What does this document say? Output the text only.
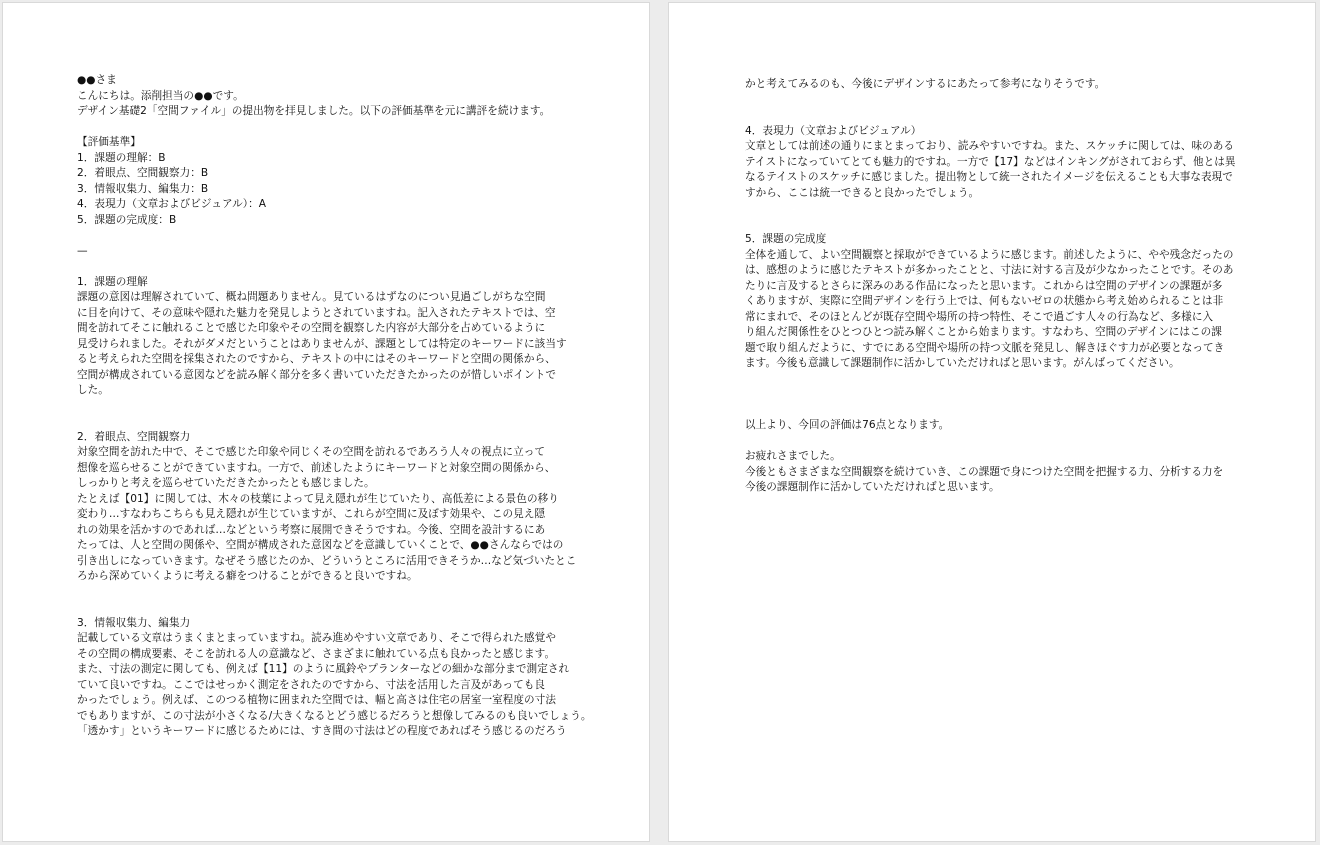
●●さま
こんにちは。添削担当の●●です。
デザイン基礎2「空間ファイル」の提出物を拝見しました。以下の評価基準を元に講評を続けます。
【評価基準】
1．課題の理解：B
2．着眼点、空間観察力：B
3．情報収集力、編集力：B
4．表現力（文章およびビジュアル）：A
5．課題の完成度：B
—
1．課題の理解
課題の意図は理解されていて、概ね問題ありません。見ているはずなのについ見過ごしがちな空間
に目を向けて、その意味や隠れた魅力を発見しようとされていますね。記入されたテキストでは、空
間を訪れてそこに触れることで感じた印象やその空間を観察した内容が大部分を占めているように
見受けられました。それがダメだということはありませんが、課題としては特定のキーワードに該当す
ると考えられた空間を採集されたのですから、テキストの中にはそのキーワードと空間の関係から、
空間が構成されている意図などを読み解く部分を多く書いていただきたかったのが惜しいポイントで
した。
2．着眼点、空間観察力
対象空間を訪れた中で、そこで感じた印象や同じくその空間を訪れるであろう人々の視点に立って
想像を巡らせることができていますね。一方で、前述したようにキーワードと対象空間の関係から、
しっかりと考えを巡らせていただきたかったとも感じました。
たとえば【01】に関しては、木々の枝葉によって見え隠れが生じていたり、高低差による景色の移り
変わり…すなわちこちらも見え隠れが生じていますが、これらが空間に及ぼす効果や、この見え隠
れの効果を活かすのであれば…などという考察に展開できそうですね。今後、空間を設計するにあ
たっては、人と空間の関係や、空間が構成された意図などを意識していくことで、●●さんならではの
引き出しになっていきます。なぜそう感じたのか、どういうところに活用できそうか…など気づいたとこ
ろから深めていくように考える癖をつけることができると良いですね。
3．情報収集力、編集力
記載している文章はうまくまとまっていますね。読み進めやすい文章であり、そこで得られた感覚や
その空間の構成要素、そこを訪れる人の意識など、さまざまに触れている点も良かったと感じます。
また、寸法の測定に関しても、例えば【11】のように風鈴やプランターなどの細かな部分まで測定され
ていて良いですね。ここではせっかく測定をされたのですから、寸法を活用した言及があっても良
かったでしょう。例えば、このつる植物に囲まれた空間では、幅と高さは住宅の居室一室程度の寸法
でもありますが、この寸法が小さくなる/大きくなるとどう感じるだろうと想像してみるのも良いでしょう。
「透かす」というキーワードに感じるためには、すき間の寸法はどの程度であればそう感じるのだろう
かと考えてみるのも、今後にデザインするにあたって参考になりそうです。
4．表現力（文章およびビジュアル）
文章としては前述の通りにまとまっており、読みやすいですね。また、スケッチに関しては、味のある
テイストになっていてとても魅力的ですね。一方で【17】などはインキングがされておらず、他とは異
なるテイストのスケッチに感じました。提出物として統一されたイメージを伝えることも大事な表現で
すから、ここは統一できると良かったでしょう。
5．課題の完成度
全体を通して、よい空間観察と採取ができているように感じます。前述したように、やや残念だったの
は、感想のように感じたテキストが多かったことと、寸法に対する言及が少なかったことです。そのあ
たりに言及するとさらに深みのある作品になったと思います。これからは空間のデザインの課題が多
くありますが、実際に空間デザインを行う上では、何もないゼロの状態から考え始められることは非
常にまれで、そのほとんどが既存空間や場所の持つ特性、そこで過ごす人々の行為など、多様に入
り組んだ関係性をひとつひとつ読み解くことから始まります。すなわち、空間のデザインにはこの課
題で取り組んだように、すでにある空間や場所の持つ文脈を発見し、解きほぐす力が必要となってき
ます。今後も意識して課題制作に活かしていただければと思います。がんばってください。
以上より、今回の評価は76点となります。
お疲れさまでした。
今後ともさまざまな空間観察を続けていき、この課題で身につけた空間を把握する力、分析する力を
今後の課題制作に活かしていただければと思います。
